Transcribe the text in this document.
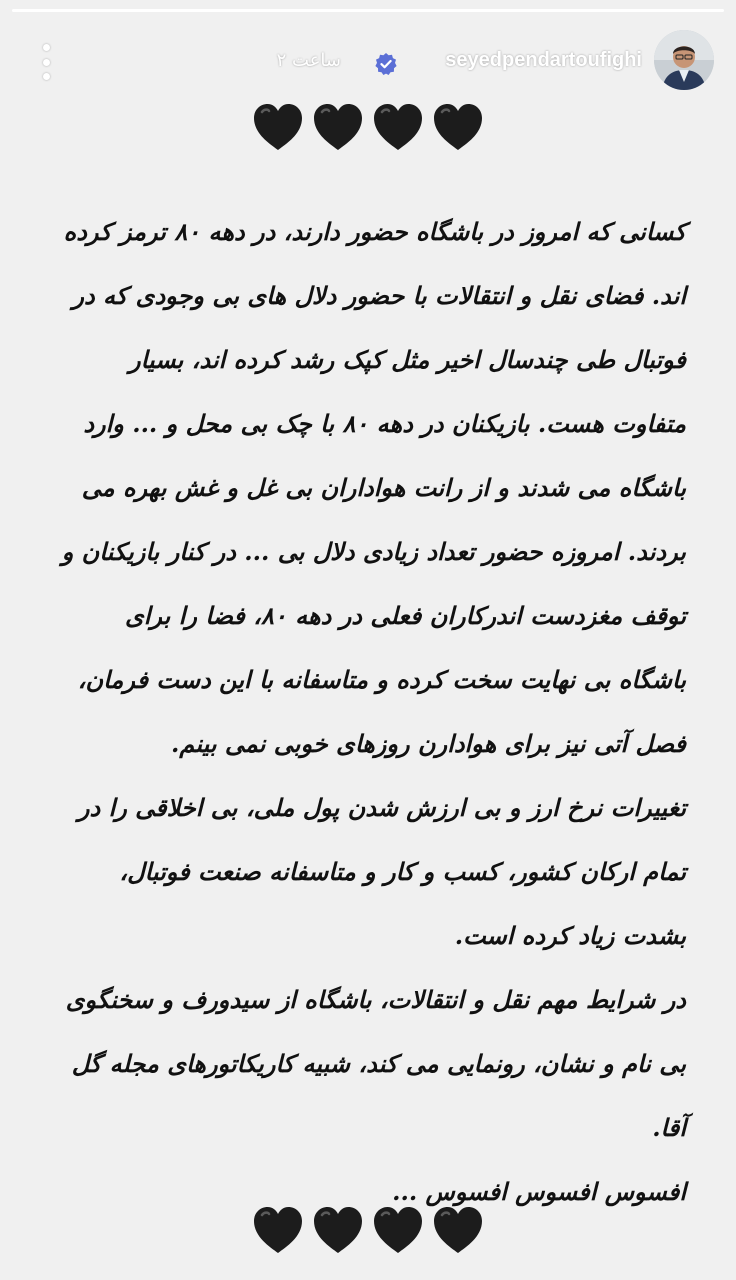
seyedpendartoufighi
۲ ساعت

کسانی که امروز در باشگاه حضور دارند، در دهه ۸۰ ترمز کرده اند. فضای نقل و انتقالات با حضور دلال های بی وجودی که در فوتبال طی چندسال اخیر مثل کپک رشد کرده اند، بسیار متفاوت هست. بازیکنان در دهه ۸۰ با چک بی محل و ... وارد باشگاه می شدند و از رانت هواداران بی غل و غش بهره می بردند. امروزه حضور تعداد زیادی دلال بی ... در کنار بازیکنان و توقف مغزدست اندرکاران فعلی در دهه ۸۰، فضا را برای باشگاه بی نهایت سخت کرده و متاسفانه با این دست فرمان، فصل آتی نیز برای هوادارن روزهای خوبی نمی بینم.

تغییرات نرخ ارز و بی ارزش شدن پول ملی، بی اخلاقی را در تمام ارکان کشور، کسب و کار و متاسفانه صنعت فوتبال، بشدت زیاد کرده است.

در شرایط مهم نقل و انتقالات، باشگاه از سیدورف و سخنگوی بی نام و نشان، رونمایی می کند، شبیه کاریکاتورهای مجله گل آقا.

افسوس افسوس افسوس ...
